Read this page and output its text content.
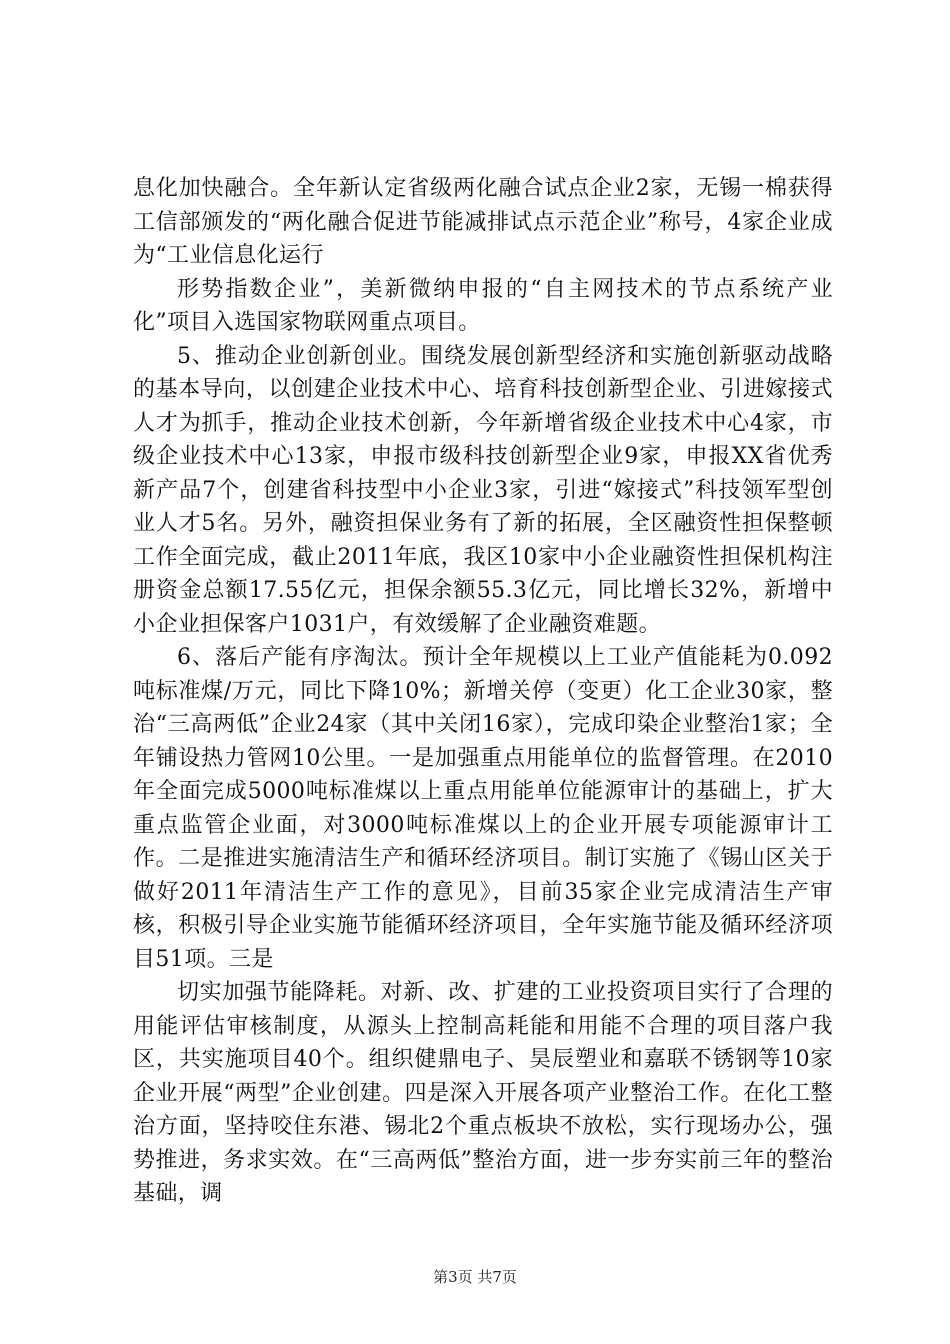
息化加快融合。全年新认定省级两化融合试点企业2家，无锡一棉获得工信部颁发的“两化融合促进节能减排试点示范企业”称号，4家企业成为“工业信息化运行

形势指数企业”，美新微纳申报的“自主网技术的节点系统产业化”项目入选国家物联网重点项目。

5、推动企业创新创业。围绕发展创新型经济和实施创新驱动战略的基本导向，以创建企业技术中心、培育科技创新型企业、引进嫁接式人才为抓手，推动企业技术创新，今年新增省级企业技术中心4家，市级企业技术中心13家，申报市级科技创新型企业9家，申报XX省优秀新产品7个，创建省科技型中小企业3家，引进“嫁接式”科技领军型创业人才5名。另外，融资担保业务有了新的拓展，全区融资性担保整顿工作全面完成，截止2011年底，我区10家中小企业融资性担保机构注册资金总额17.55亿元，担保余额55.3亿元，同比增长32%，新增中小企业担保客户1031户，有效缓解了企业融资难题。

6、落后产能有序淘汰。预计全年规模以上工业产值能耗为0.092吨标准煤/万元，同比下降10%；新增关停（变更）化工企业30家，整治“三高两低”企业24家（其中关闭16家），完成印染企业整治1家；全年铺设热力管网10公里。一是加强重点用能单位的监督管理。在2010年全面完成5000吨标准煤以上重点用能单位能源审计的基础上，扩大重点监管企业面，对3000吨标准煤以上的企业开展专项能源审计工作。二是推进实施清洁生产和循环经济项目。制订实施了《锡山区关于做好2011年清洁生产工作的意见》，目前35家企业完成清洁生产审核，积极引导企业实施节能循环经济项目，全年实施节能及循环经济项目51项。三是

切实加强节能降耗。对新、改、扩建的工业投资项目实行了合理的用能评估审核制度，从源头上控制高耗能和用能不合理的项目落户我区，共实施项目40个。组织健鼎电子、昊辰塑业和嘉联不锈钢等10家企业开展“两型”企业创建。四是深入开展各项产业整治工作。在化工整治方面，坚持咬住东港、锡北2个重点板块不放松，实行现场办公，强势推进，务求实效。在“三高两低”整治方面，进一步夯实前三年的整治基础，调

第3页 共7页
